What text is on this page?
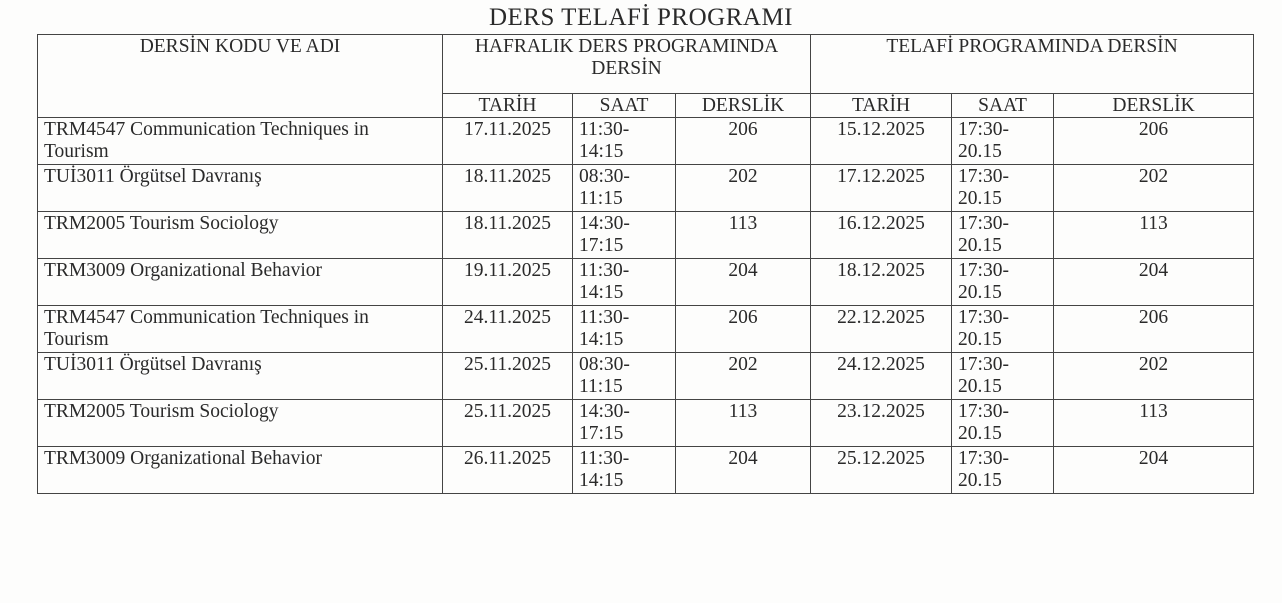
DERS TELAFİ PROGRAMI
DERSİN KODU VE ADI	HAFRALIK DERS PROGRAMINDA DERSİN			TELAFİ PROGRAMINDA DERSİN		
	TARİH	SAAT	DERSLİK	TARİH	SAAT	DERSLİK
TRM4547 Communication Techniques in Tourism	17.11.2025	11:30- 14:15	206	15.12.2025	17:30- 20.15	206
TUİ3011 Örgütsel Davranış	18.11.2025	08:30- 11:15	202	17.12.2025	17:30- 20.15	202
TRM2005 Tourism Sociology	18.11.2025	14:30- 17:15	113	16.12.2025	17:30- 20.15	113
TRM3009 Organizational Behavior	19.11.2025	11:30- 14:15	204	18.12.2025	17:30- 20.15	204
TRM4547 Communication Techniques in Tourism	24.11.2025	11:30- 14:15	206	22.12.2025	17:30- 20.15	206
TUİ3011 Örgütsel Davranış	25.11.2025	08:30- 11:15	202	24.12.2025	17:30- 20.15	202
TRM2005 Tourism Sociology	25.11.2025	14:30- 17:15	113	23.12.2025	17:30- 20.15	113
TRM3009 Organizational Behavior	26.11.2025	11:30- 14:15	204	25.12.2025	17:30- 20.15	204
